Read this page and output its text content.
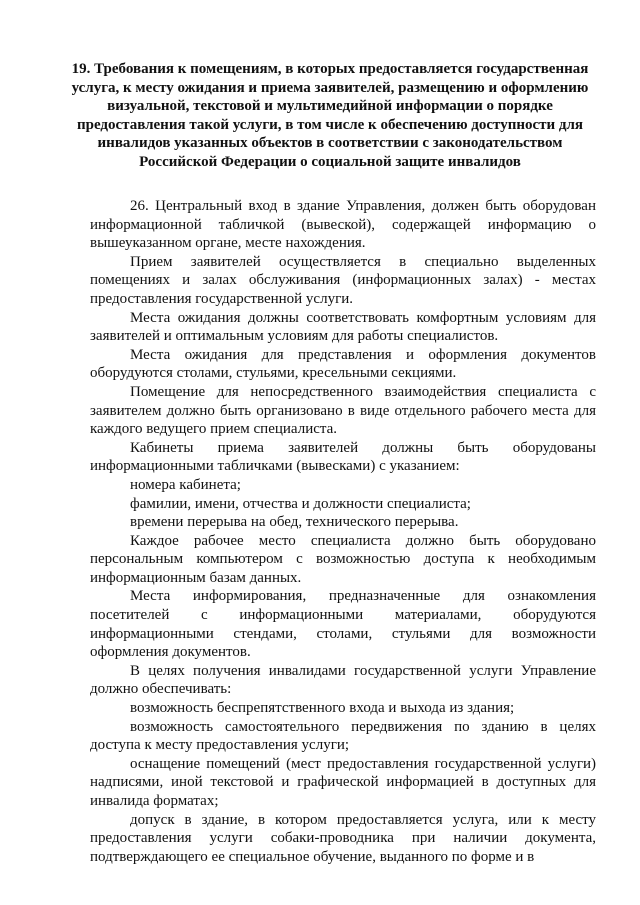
19. Требования к помещениям, в которых предоставляется государственная услуга, к месту ожидания и приема заявителей, размещению и оформлению визуальной, текстовой и мультимедийной информации о порядке предоставления такой услуги, в том числе к обеспечению доступности для инвалидов указанных объектов в соответствии с законодательством Российской Федерации о социальной защите инвалидов

26. Центральный вход в здание Управления, должен быть оборудован информационной табличкой (вывеской), содержащей информацию о вышеуказанном органе, месте нахождения.

Прием заявителей осуществляется в специально выделенных помещениях и залах обслуживания (информационных залах) - местах предоставления государственной услуги.

Места ожидания должны соответствовать комфортным условиям для заявителей и оптимальным условиям для работы специалистов.

Места ожидания для представления и оформления документов оборудуются столами, стульями, кресельными секциями.

Помещение для непосредственного взаимодействия специалиста с заявителем должно быть организовано в виде отдельного рабочего места для каждого ведущего прием специалиста.

Кабинеты приема заявителей должны быть оборудованы информационными табличками (вывесками) с указанием:

номера кабинета;

фамилии, имени, отчества и должности специалиста;

времени перерыва на обед, технического перерыва.

Каждое рабочее место специалиста должно быть оборудовано персональным компьютером с возможностью доступа к необходимым информационным базам данных.

Места информирования, предназначенные для ознакомления посетителей с информационными материалами, оборудуются информационными стендами, столами, стульями для возможности оформления документов.

В целях получения инвалидами государственной услуги Управление должно обеспечивать:

возможность беспрепятственного входа и выхода из здания;

возможность самостоятельного передвижения по зданию в целях доступа к месту предоставления услуги;

оснащение помещений (мест предоставления государственной услуги) надписями, иной текстовой и графической информацией в доступных для инвалида форматах;

допуск в здание, в котором предоставляется услуга, или к месту предоставления услуги собаки-проводника при наличии документа, подтверждающего ее специальное обучение, выданного по форме и в
